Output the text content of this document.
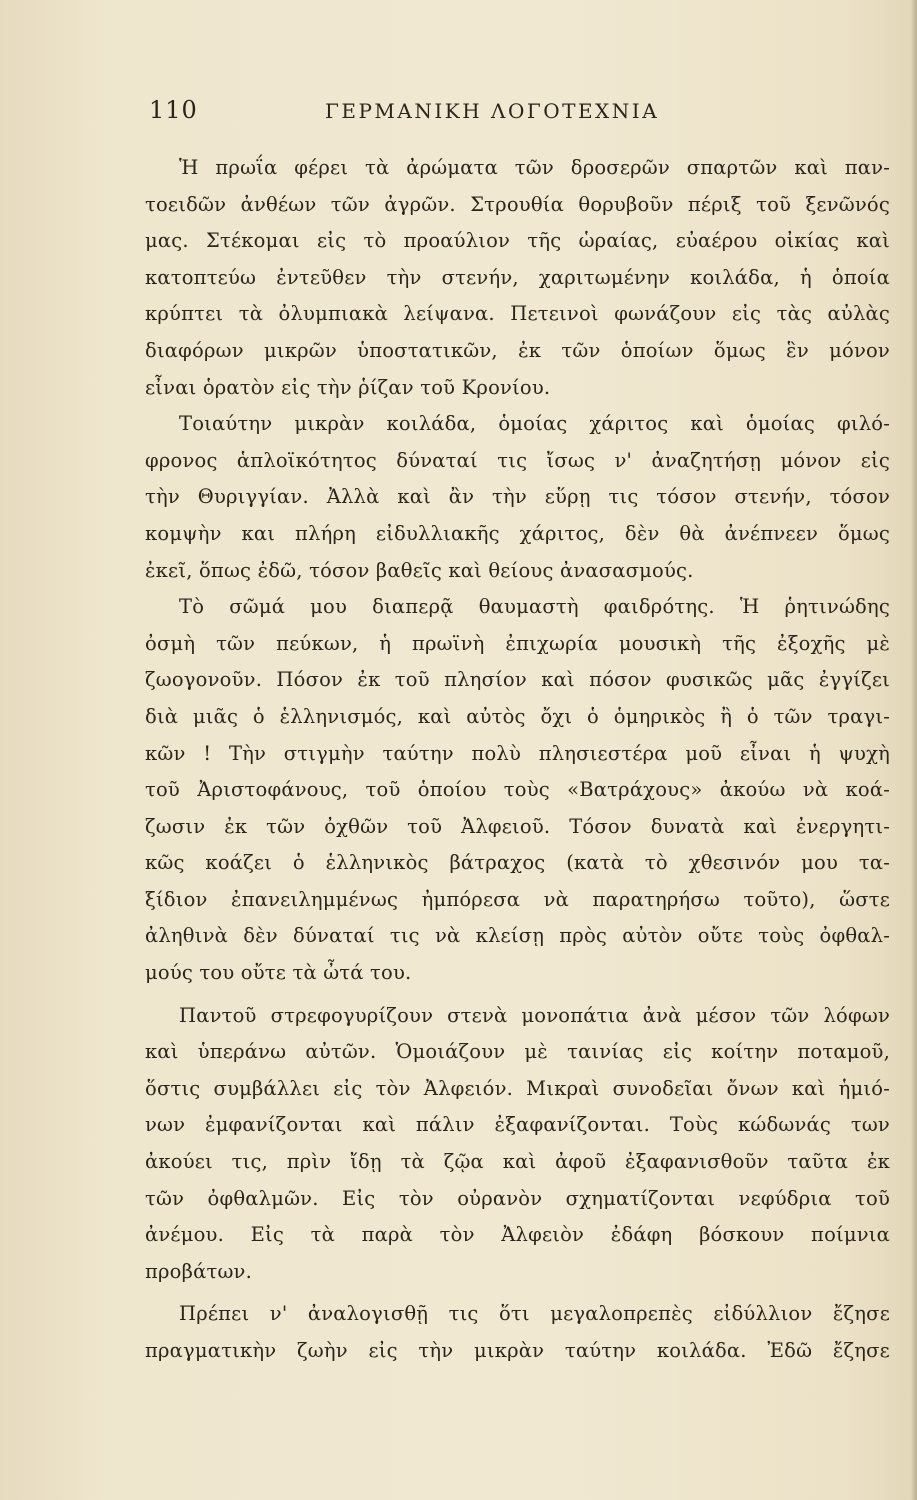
110	ΓΕΡΜΑΝΙΚΗ ΛΟΓΟΤΕΧΝΙΑ
Ἡ πρωΐα φέρει τὰ ἀρώματα τῶν δροσερῶν σπαρτῶν καὶ παν-
τοειδῶν ἀνθέων τῶν ἀγρῶν. Στρουθία θορυβοῦν πέριξ τοῦ ξενῶνός
μας. Στέκομαι εἰς τὸ προαύλιον τῆς ὡραίας, εὐαέρου οἰκίας καὶ
κατοπτεύω ἐντεῦθεν τὴν στενήν, χαριτωμένην κοιλάδα, ἡ ὁποία
κρύπτει τὰ ὀλυμπιακὰ λείψανα. Πετεινοὶ φωνάζουν εἰς τὰς αὐλὰς
διαφόρων μικρῶν ὑποστατικῶν, ἐκ τῶν ὁποίων ὅμως ἓν μόνον
εἶναι ὁρατὸν εἰς τὴν ῥίζαν τοῦ Κρονίου.
Τοιαύτην μικρὰν κοιλάδα, ὁμοίας χάριτος καὶ ὁμοίας φιλό-
φρονος ἁπλοϊκότητος δύναταί τις ἴσως ν' ἀναζητήσῃ μόνον εἰς
τὴν Θυριγγίαν. Ἀλλὰ καὶ ἂν τὴν εὕρῃ τις τόσον στενήν, τόσον
κομψὴν και πλήρη εἰδυλλιακῆς χάριτος, δὲν θὰ ἀνέπνεεν ὅμως
ἐκεῖ, ὅπως ἐδῶ, τόσον βαθεῖς καὶ θείους ἀνασασμούς.
Τὸ σῶμά μου διαπερᾷ θαυμαστὴ φαιδρότης. Ἡ ῥητινώδης
ὀσμὴ τῶν πεύκων, ἡ πρωϊνὴ ἐπιχωρία μουσικὴ τῆς ἐξοχῆς μὲ
ζωογονοῦν. Πόσον ἐκ τοῦ πλησίον καὶ πόσον φυσικῶς μᾶς ἐγγίζει
διὰ μιᾶς ὁ ἑλληνισμός, καὶ αὐτὸς ὄχι ὁ ὁμηρικὸς ἢ ὁ τῶν τραγι-
κῶν ! Τὴν στιγμὴν ταύτην πολὺ πλησιεστέρα μοῦ εἶναι ἡ ψυχὴ
τοῦ Ἀριστοφάνους, τοῦ ὁποίου τοὺς «Βατράχους» ἀκούω νὰ κοά-
ζωσιν ἐκ τῶν ὀχθῶν τοῦ Ἀλφειοῦ. Τόσον δυνατὰ καὶ ἐνεργητι-
κῶς κοάζει ὁ ἑλληνικὸς βάτραχος (κατὰ τὸ χθεσινόν μου τα-
ξίδιον ἐπανειλημμένως ἠμπόρεσα νὰ παρατηρήσω τοῦτο), ὥστε
ἀληθινὰ δὲν δύναταί τις νὰ κλείσῃ πρὸς αὐτὸν οὔτε τοὺς ὀφθαλ-
μούς του οὔτε τὰ ὦτά του.
Παντοῦ στρεφογυρίζουν στενὰ μονοπάτια ἀνὰ μέσον τῶν λόφων
καὶ ὑπεράνω αὐτῶν. Ὁμοιάζουν μὲ ταινίας εἰς κοίτην ποταμοῦ,
ὅστις συμβάλλει εἰς τὸν Ἀλφειόν. Μικραὶ συνοδεῖαι ὄνων καὶ ἡμιό-
νων ἐμφανίζονται καὶ πάλιν ἐξαφανίζονται. Τοὺς κώδωνάς των
ἀκούει τις, πρὶν ἴδῃ τὰ ζῷα καὶ ἀφοῦ ἐξαφανισθοῦν ταῦτα ἐκ
τῶν ὀφθαλμῶν. Εἰς τὸν οὐρανὸν σχηματίζονται νεφύδρια τοῦ
ἀνέμου. Εἰς τὰ παρὰ τὸν Ἀλφειὸν ἐδάφη βόσκουν ποίμνια
προβάτων.
Πρέπει ν' ἀναλογισθῇ τις ὅτι μεγαλοπρεπὲς εἰδύλλιον ἔζησε
πραγματικὴν ζωὴν εἰς τὴν μικρὰν ταύτην κοιλάδα. Ἐδῶ ἔζησε
